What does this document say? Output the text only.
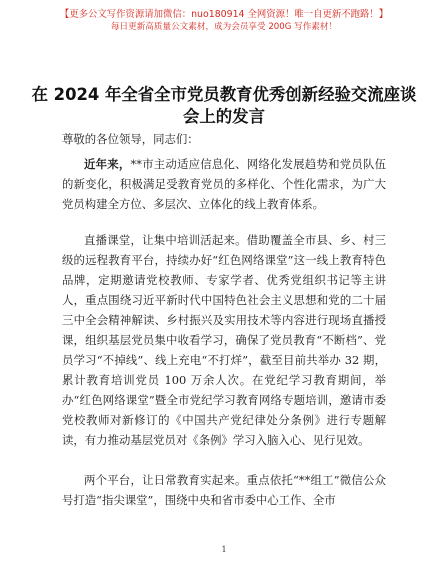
【更多公文写作资源请加微信：nuo180914 全网资源！唯一自更新不跑路！】
每日更新高质量公文素材，成为会员享受 200G 写作素材！
在 2024 年全省全市党员教育优秀创新经验交流座谈会上的发言
尊敬的各位领导，同志们：
近年来，**市主动适应信息化、网络化发展趋势和党员队伍的新变化，积极满足受教育党员的多样化、个性化需求，为广大党员构建全方位、多层次、立体化的线上教育体系。
直播课堂，让集中培训活起来。借助覆盖全市县、乡、村三级的远程教育平台，持续办好“红色网络课堂”这一线上教育特色品牌，定期邀请党校教师、专家学者、优秀党组织书记等主讲人，重点围绕习近平新时代中国特色社会主义思想和党的二十届三中全会精神解读、乡村振兴及实用技术等内容进行现场直播授课，组织基层党员集中收看学习，确保了党员教育“不断档”、党员学习“不掉线”、线上充电“不打烊”，截至目前共举办 32 期，累计教育培训党员 100 万余人次。在党纪学习教育期间，举办“红色网络课堂”暨全市党纪学习教育网络专题培训，邀请市委党校教师对新修订的《中国共产党纪律处分条例》进行专题解读，有力推动基层党员对《条例》学习入脑入心、见行见效。
两个平台，让日常教育实起来。重点依托“**组工”微信公众号打造“指尖课堂”，围绕中央和省市委中心工作、全市
1
